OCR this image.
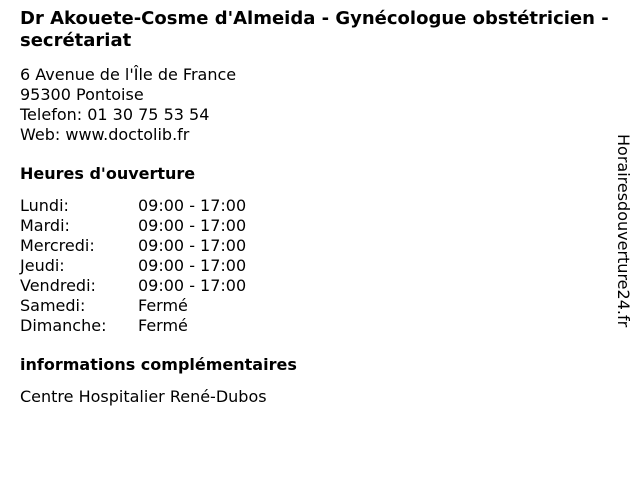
Dr Akouete-Cosme d'Almeida - Gynécologue obstétricien - secrétariat
6 Avenue de l'Île de France
95300 Pontoise
Telefon: 01 30 75 53 54
Web: www.doctolib.fr
Heures d'ouverture
Lundi:	09:00 - 17:00
Mardi:	09:00 - 17:00
Mercredi:	09:00 - 17:00
Jeudi:	09:00 - 17:00
Vendredi:	09:00 - 17:00
Samedi:	Fermé
Dimanche:	Fermé
informations complémentaires
Centre Hospitalier René-Dubos
Horairesdouverture24.fr
